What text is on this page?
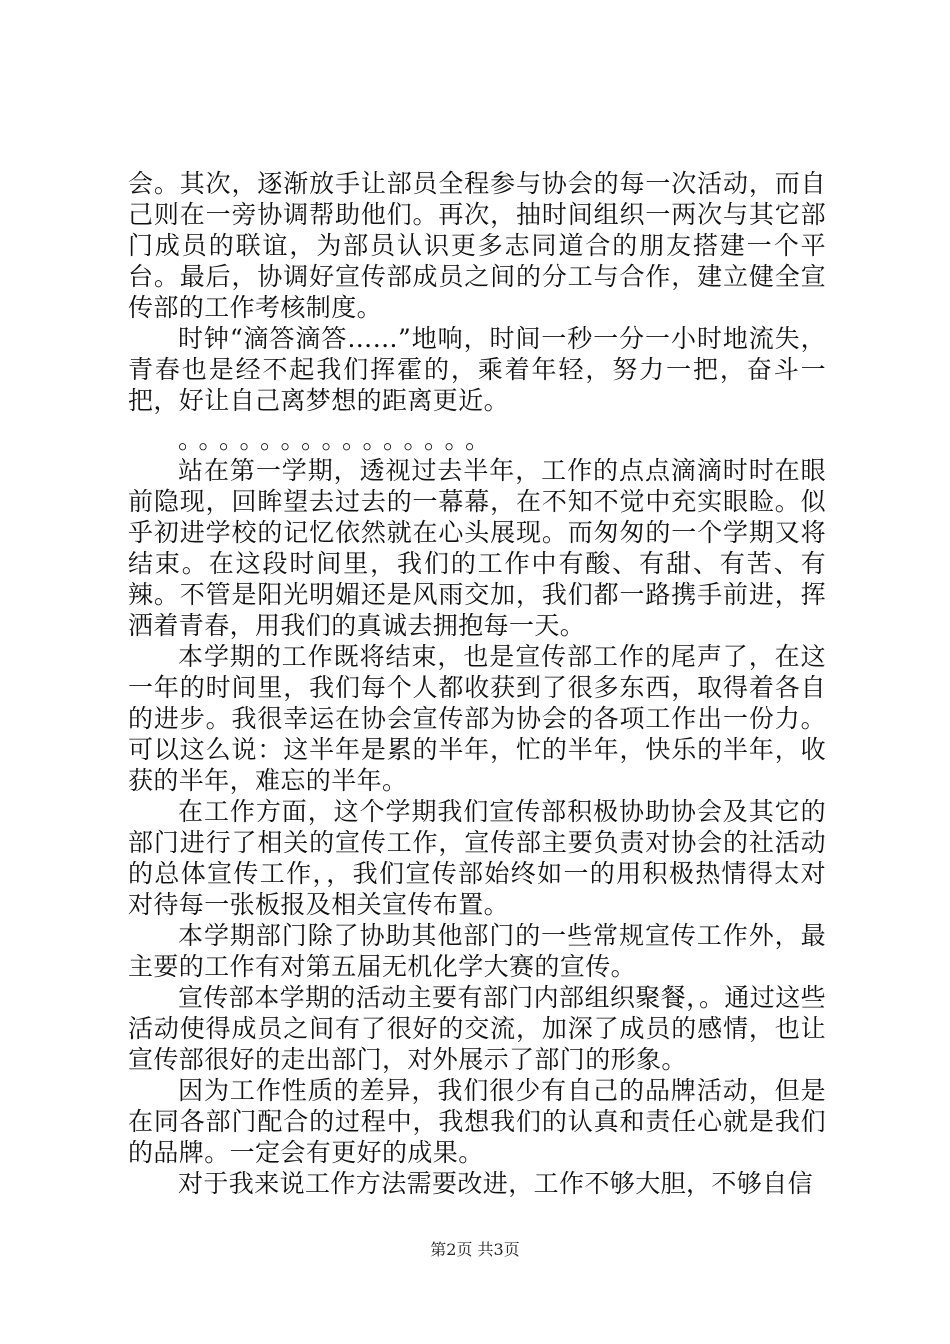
会。其次，逐渐放手让部员全程参与协会的每一次活动，而自己则在一旁协调帮助他们。再次，抽时间组织一两次与其它部门成员的联谊，为部员认识更多志同道合的朋友搭建一个平台。最后，协调好宣传部成员之间的分工与合作，建立健全宣传部的工作考核制度。

时钟“滴答滴答……”地响，时间一秒一分一小时地流失，青春也是经不起我们挥霍的，乘着年轻，努力一把，奋斗一把，好让自己离梦想的距离更近。

。。。。。。。。。。。。。。。

站在第一学期，透视过去半年，工作的点点滴滴时时在眼前隐现，回眸望去过去的一幕幕，在不知不觉中充实眼睑。似乎初进学校的记忆依然就在心头展现。而匆匆的一个学期又将结束。在这段时间里，我们的工作中有酸、有甜、有苦、有辣。不管是阳光明媚还是风雨交加，我们都一路携手前进，挥洒着青春，用我们的真诚去拥抱每一天。

本学期的工作既将结束，也是宣传部工作的尾声了，在这一年的时间里，我们每个人都收获到了很多东西，取得着各自的进步。我很幸运在协会宣传部为协会的各项工作出一份力。可以这么说：这半年是累的半年，忙的半年，快乐的半年，收获的半年，难忘的半年。

在工作方面，这个学期我们宣传部积极协助协会及其它的部门进行了相关的宣传工作，宣传部主要负责对协会的社活动的总体宣传工作，，我们宣传部始终如一的用积极热情得太对对待每一张板报及相关宣传布置。

本学期部门除了协助其他部门的一些常规宣传工作外，最主要的工作有对第五届无机化学大赛的宣传。

宣传部本学期的活动主要有部门内部组织聚餐，。通过这些活动使得成员之间有了很好的交流，加深了成员的感情，也让宣传部很好的走出部门，对外展示了部门的形象。

因为工作性质的差异，我们很少有自己的品牌活动，但是在同各部门配合的过程中，我想我们的认真和责任心就是我们的品牌。一定会有更好的成果。

对于我来说工作方法需要改进，工作不够大胆，不够自信

第2页 共3页
